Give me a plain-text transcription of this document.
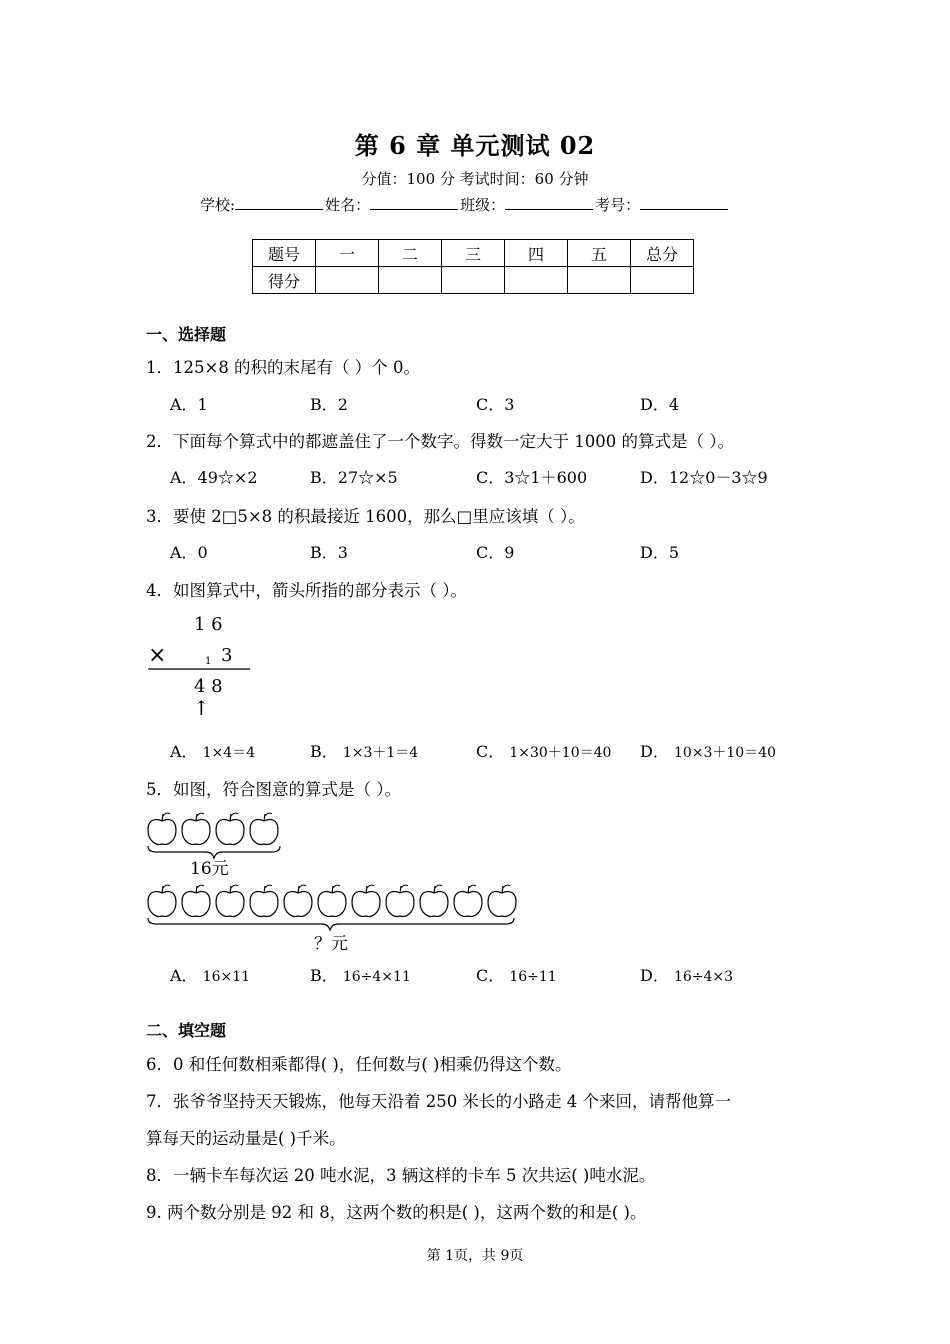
第 6 章 单元测试 02
分值：100 分 考试时间：60 分钟
学校:	姓名：	班级：	考号：
题号	一	二	三	四	五	总分
得分						
一、选择题
1．125×8 的积的末尾有（ ）个 0。
A．1	B．2	C．3	D．4
2．下面每个算式中的都遮盖住了一个数字。得数一定大于 1000 的算式是（ ）。
A．49☆×2	B．27☆×5	C．3☆1＋600	D．12☆0－3☆9
3．要使 2□5×8 的积最接近 1600，那么□里应该填（ ）。
A．0	B．3	C．9	D．5
4．如图算式中，箭头所指的部分表示（ ）。
1 6
×	1 3
4 8
↑
A． 1×4＝4	B． 1×3＋1＝4	C． 1×30＋10＝40 D． 10×3＋10＝40
5．如图，符合图意的算式是（ ）。
16元
？元
A． 16×11	B． 16÷4×11	C． 16÷11	D． 16÷4×3
二、填空题
6．0 和任何数相乘都得( )，任何数与( )相乘仍得这个数。
7．张爷爷坚持天天锻炼，他每天沿着 250 米长的小路走 4 个来回，请帮他算一
算每天的运动量是( )千米。
8．一辆卡车每次运 20 吨水泥，3 辆这样的卡车 5 次共运( )吨水泥。
9. 两个数分别是 92 和 8，这两个数的积是( )，这两个数的和是( )。
第 1页，共 9页
